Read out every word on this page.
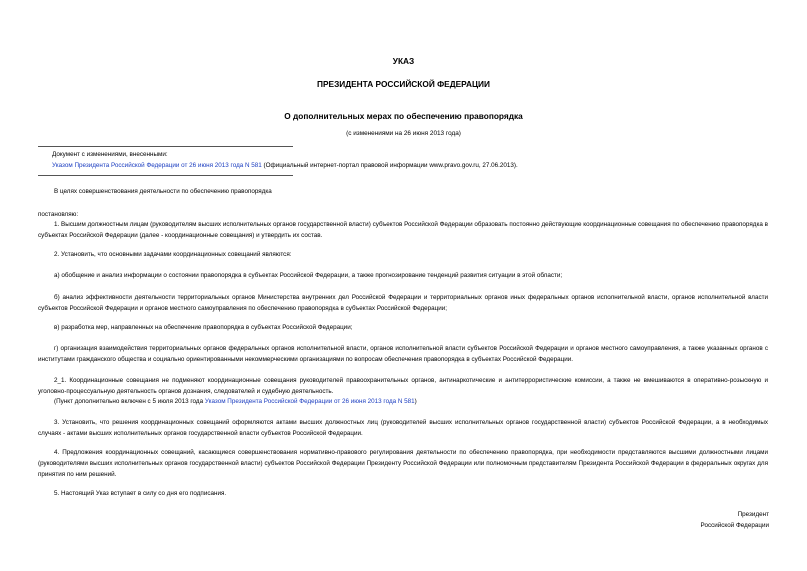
УКАЗ
ПРЕЗИДЕНТА РОССИЙСКОЙ ФЕДЕРАЦИИ
О дополнительных мерах по обеспечению правопорядка
(с изменениями на 26 июня 2013 года)
Документ с изменениями, внесенными:
Указом Президента Российской Федерации от 26 июня 2013 года N 581 (Официальный интернет-портал правовой информации www.pravo.gov.ru, 27.06.2013).
В целях совершенствования деятельности по обеспечению правопорядка
постановляю:
1. Высшим должностным лицам (руководителям высших исполнительных органов государственной власти) субъектов Российской Федерации образовать постоянно действующие координационные совещания по обеспечению правопорядка в субъектах Российской Федерации (далее - координационные совещания) и утвердить их состав.
2. Установить, что основными задачами координационных совещаний являются:
а) обобщение и анализ информации о состоянии правопорядка в субъектах Российской Федерации, а также прогнозирование тенденций развития ситуации в этой области;
б) анализ эффективности деятельности территориальных органов Министерства внутренних дел Российской Федерации и территориальных органов иных федеральных органов исполнительной власти, органов исполнительной власти субъектов Российской Федерации и органов местного самоуправления по обеспечению правопорядка в субъектах Российской Федерации;
в) разработка мер, направленных на обеспечение правопорядка в субъектах Российской Федерации;
г) организация взаимодействия территориальных органов федеральных органов исполнительной власти, органов исполнительной власти субъектов Российской Федерации и органов местного самоуправления, а также указанных органов с институтами гражданского общества и социально ориентированными некоммерческими организациями по вопросам обеспечения правопорядка в субъектах Российской Федерации.
2_1. Координационные совещания не подменяют координационные совещания руководителей правоохранительных органов, антинаркотические и антитеррористические комиссии, а также не вмешиваются в оперативно-розыскную и уголовно-процессуальную деятельность органов дознания, следователей и судебную деятельность.
(Пункт дополнительно включен с 5 июля 2013 года Указом Президента Российской Федерации от 26 июня 2013 года N 581)
3. Установить, что решения координационных совещаний оформляются актами высших должностных лиц (руководителей высших исполнительных органов государственной власти) субъектов Российской Федерации, а в необходимых случаях - актами высших исполнительных органов государственной власти субъектов Российской Федерации.
4. Предложения координационных совещаний, касающиеся совершенствования нормативно-правового регулирования деятельности по обеспечению правопорядка, при необходимости представляются высшими должностными лицами (руководителями высших исполнительных органов государственной власти) субъектов Российской Федерации Президенту Российской Федерации или полномочным представителям Президента Российской Федерации в федеральных округах для принятия по ним решений.
5. Настоящий Указ вступает в силу со дня его подписания.
Президент
Российской Федерации
